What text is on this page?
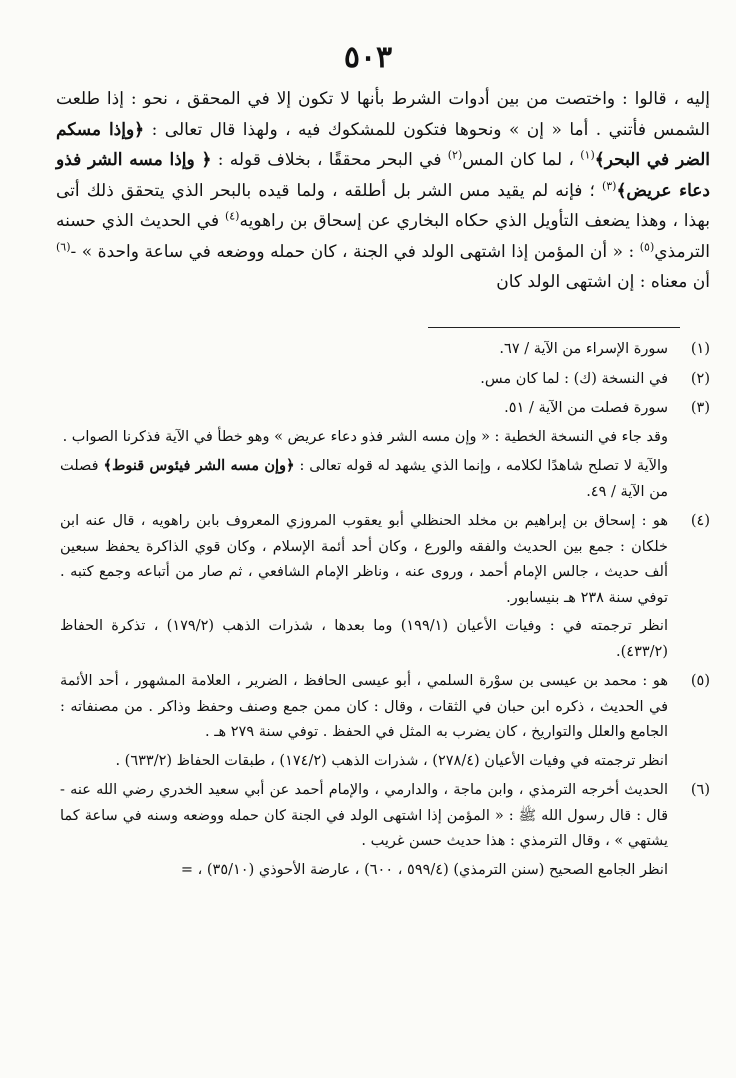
٥٠٣

إليه ، قالوا : واختصت من بين أدوات الشرط بأنها لا تكون إلا في المحقق ، نحو : إذا طلعت الشمس فأتني . أما « إن » ونحوها فتكون للمشكوك فيه ، ولهذا قال تعالى : ﴿وإذا مسكم الضر في البحر﴾$^{(١)}$ ، لما كان المس$^{(٢)}$ في البحر محققًا ، بخلاف قوله : ﴿ وإذا مسه الشر فذو دعاء عريض﴾$^{(٣)}$ ؛ فإنه لم يقيد مس الشر بل أطلقه ، ولما قيده بالبحر الذي يتحقق ذلك أتى بهذا ، وهذا يضعف التأويل الذي حكاه البخاري عن إسحاق بن راهويه$^{(٤)}$ في الحديث الذي حسنه الترمذي$^{(٥)}$ : « أن المؤمن إذا اشتهى الولد في الجنة ، كان حمله ووضعه في ساعة واحدة » -$^{(٦)}$ أن معناه : إن اشتهى الولد كان

(١)

سورة الإسراء من الآية / ٦٧.

(٢)

في النسخة (ك) : لما كان مس.

(٣)

سورة فصلت من الآية / ٥١.

وقد جاء في النسخة الخطية : « وإن مسه الشر فذو دعاء عريض » وهو خطأ في الآية فذكرنا الصواب .

والآية لا تصلح شاهدًا لكلامه ، وإنما الذي يشهد له قوله تعالى : ﴿وإن مسه الشر فيئوس قنوط﴾ فصلت من الآية / ٤٩.

(٤)

هو : إسحاق بن إبراهيم بن مخلد الحنظلي أبو يعقوب المروزي المعروف بابن راهويه ، قال عنه ابن خلكان : جمع بين الحديث والفقه والورع ، وكان أحد أئمة الإسلام ، وكان قوي الذاكرة يحفظ سبعين ألف حديث ، جالس الإمام أحمد ، وروى عنه ، وناظر الإمام الشافعي ، ثم صار من أتباعه وجمع كتبه . توفي سنة ٢٣٨ هـ بنيسابور.

انظر ترجمته في : وفيات الأعيان (١٩٩/١) وما بعدها ، شذرات الذهب (١٧٩/٢) ، تذكرة الحفاظ (٤٣٣/٢).

(٥)

هو : محمد بن عيسى بن سوْرة السلمي ، أبو عيسى الحافظ ، الضرير ، العلامة المشهور ، أحد الأئمة في الحديث ، ذكره ابن حبان في الثقات ، وقال : كان ممن جمع وصنف وحفظ وذاكر . من مصنفاته : الجامع والعلل والتواريخ ، كان يضرب به المثل في الحفظ . توفي سنة ٢٧٩ هـ .

انظر ترجمته في وفيات الأعيان (٢٧٨/٤) ، شذرات الذهب (١٧٤/٢) ، طبقات الحفاظ (٦٣٣/٢) .

(٦)

الحديث أخرجه الترمذي ، وابن ماجة ، والدارمي ، والإمام أحمد عن أبي سعيد الخدري رضي الله عنه - قال : قال رسول الله ﷺ : « المؤمن إذا اشتهى الولد في الجنة كان حمله ووضعه وسنه في ساعة كما يشتهي » ، وقال الترمذي : هذا حديث حسن غريب .

انظر الجامع الصحيح (سنن الترمذي) (٥٩٩/٤ ، ٦٠٠) ، عارضة الأحوذي (٣٥/١٠) ، =
